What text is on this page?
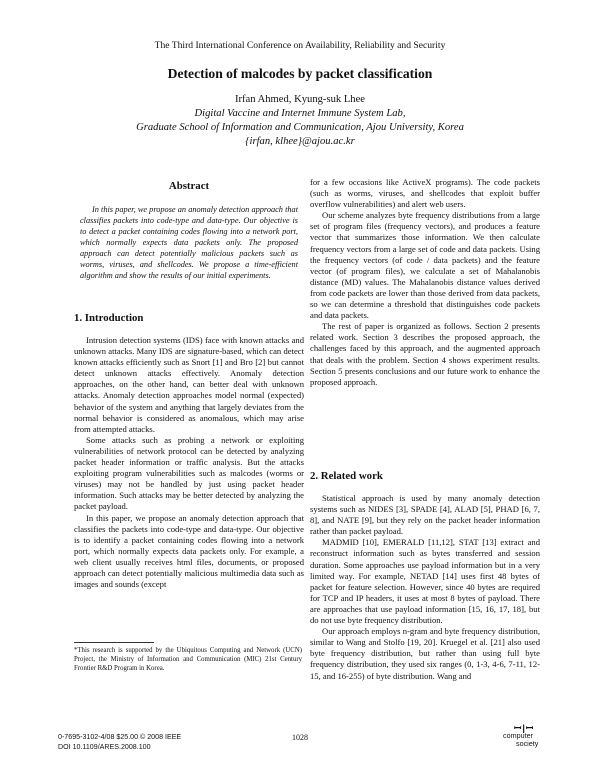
The Third International Conference on Availability, Reliability and Security
Detection of malcodes by packet classification
Irfan Ahmed, Kyung-suk Lhee
Digital Vaccine and Internet Immune System Lab,
Graduate School of Information and Communication, Ajou University, Korea
{irfan, klhee}@ajou.ac.kr
Abstract

In this paper, we propose an anomaly detection approach that classifies packets into code-type and data-type. Our objective is to detect a packet containing codes flowing into a network port, which normally expects data packets only. The proposed approach can detect potentially malicious packets such as worms, viruses, and shellcodes. We propose a time-efficient algorithm and show the results of our initial experiments.

1. Introduction

Intrusion detection systems (IDS) face with known attacks and unknown attacks. Many IDS are signature-based, which can detect known attacks efficiently such as Snort [1] and Bro [2] but cannot detect unknown attacks effectively. Anomaly detection approaches, on the other hand, can better deal with unknown attacks. Anomaly detection approaches model normal (expected) behavior of the system and anything that largely deviates from the normal behavior is considered as anomalous, which may arise from attempted attacks.

Some attacks such as probing a network or exploiting vulnerabilities of network protocol can be detected by analyzing packet header information or traffic analysis. But the attacks exploiting program vulnerabilities such as malcodes (worms or viruses) may not be handled by just using packet header information. Such attacks may be better detected by analyzing the packet payload.

In this paper, we propose an anomaly detection approach that classifies the packets into code-type and data-type. Our objective is to identify a packet containing codes flowing into a network port, which normally expects data packets only. For example, a web client usually receives html files, documents, or proposed approach can detect potentially malicious multimedia data such as images and sounds (except

for a few occasions like ActiveX programs). The code packets (such as worms, viruses, and shellcodes that exploit buffer overflow vulnerabilities) and alert web users.

Our scheme analyzes byte frequency distributions from a large set of program files (frequency vectors), and produces a feature vector that summarizes those information. We then calculate frequency vectors from a large set of code and data packets. Using the frequency vectors (of code / data packets) and the feature vector (of program files), we calculate a set of Mahalanobis distance (MD) values. The Mahalanobis distance values derived from code packets are lower than those derived from data packets, so we can determine a threshold that distinguishes code packets and data packets.

The rest of paper is organized as follows. Section 2 presents related work. Section 3 describes the proposed approach, the challenges faced by this approach, and the augmented approach that deals with the problem. Section 4 shows experiment results. Section 5 presents conclusions and our future work to enhance the proposed approach.

2. Related work

Statistical approach is used by many anomaly detection systems such as NIDES [3], SPADE [4], ALAD [5], PHAD [6, 7, 8], and NATE [9], but they rely on the packet header information rather than packet payload.

MADMID [10], EMERALD [11,12], STAT [13] extract and reconstruct information such as bytes transferred and session duration. Some approaches use payload information but in a very limited way. For example, NETAD [14] uses first 48 bytes of packet for feature selection. However, since 40 bytes are required for TCP and IP headers, it uses at most 8 bytes of payload. There are approaches that use payload information [15, 16, 17, 18], but do not use byte frequency distribution.

Our approach employs n-gram and byte frequency distribution, similar to Wang and Stolfo [19, 20]. Kruegel et al. [21] also used byte frequency distribution, but rather than using full byte frequency distribution, they used six ranges (0, 1-3, 4-6, 7-11, 12-15, and 16-255) of byte distribution. Wang and

*This research is supported by the Ubiquitous Computing and Network (UCN) Project, the Ministry of Information and Communication (MIC) 21st Century Frontier R&D Program in Korea.
0-7695-3102-4/08 $25.00 © 2008 IEEE
DOI 10.1109/ARES.2008.100
1028
ꟷ|ꟷ
computer
society
